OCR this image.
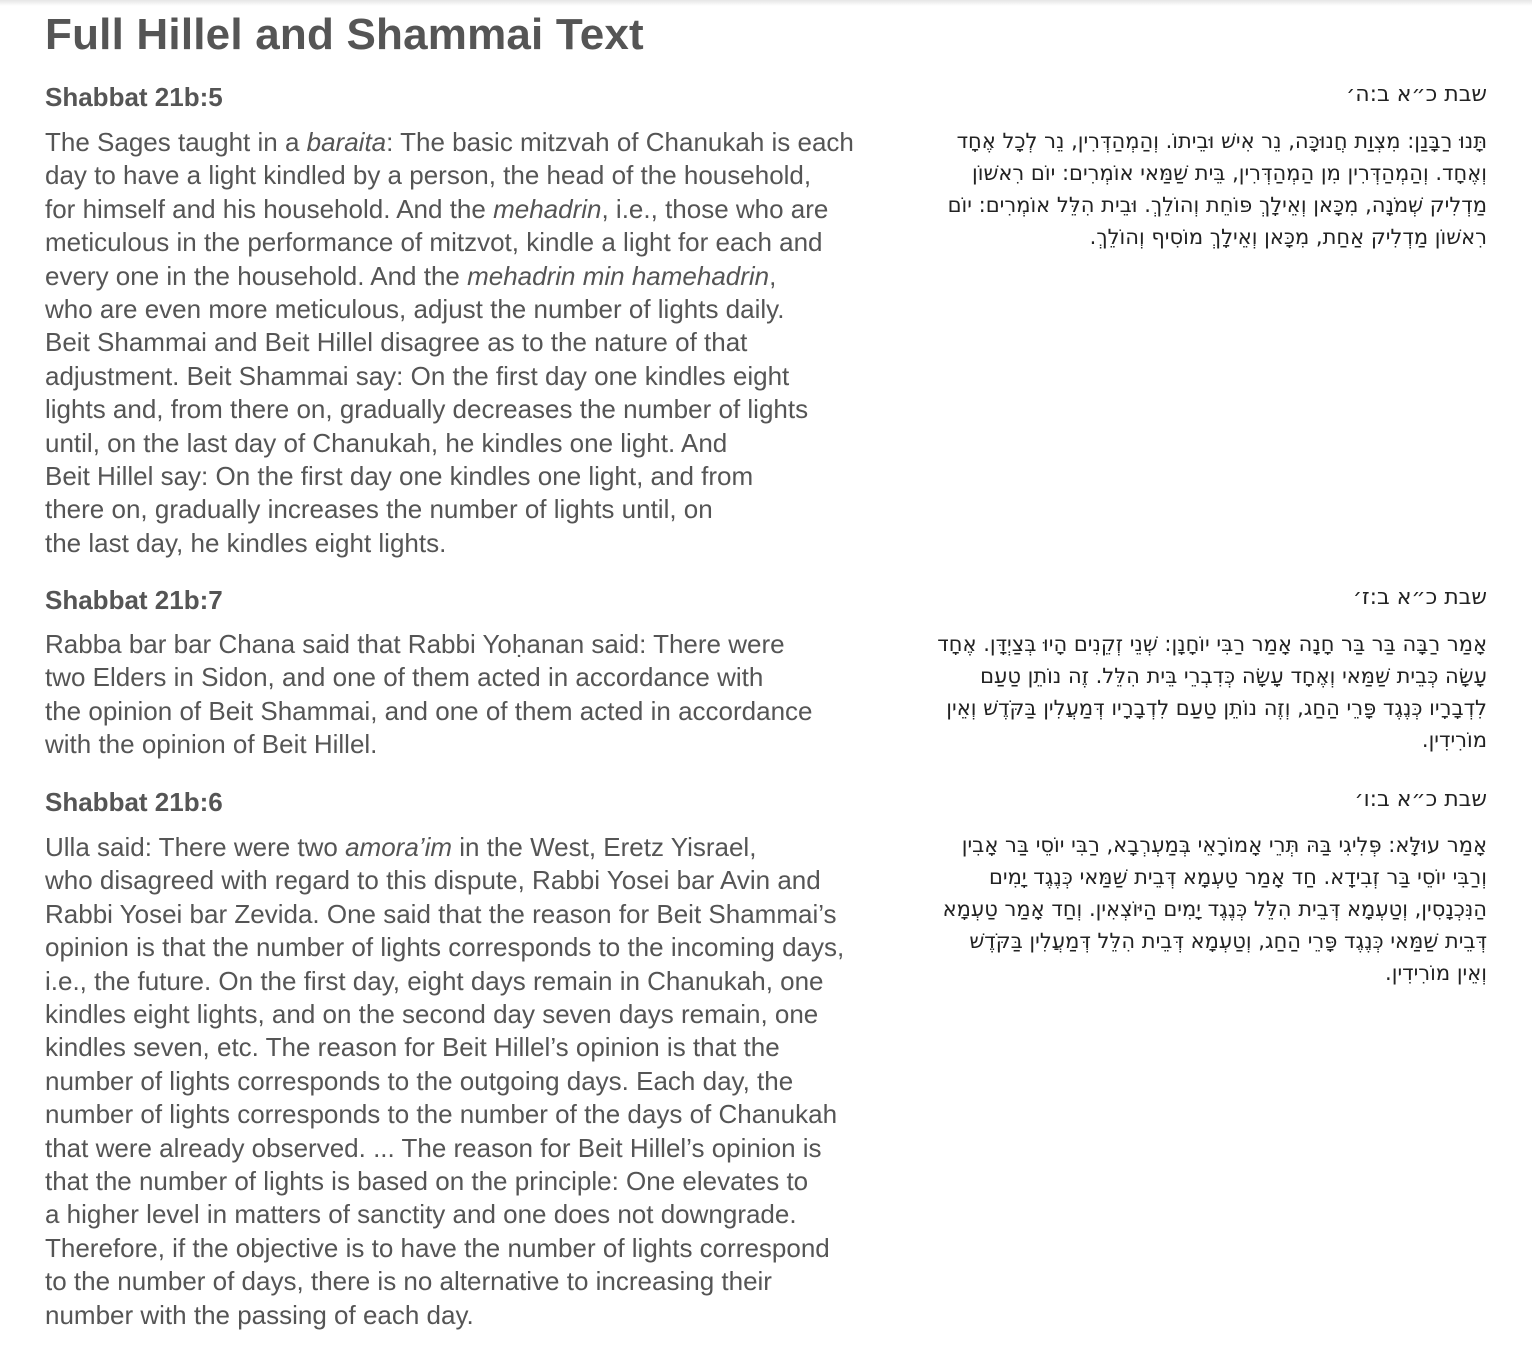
Full Hillel and Shammai Text
Shabbat 21b:5	שבת כ״א ב:ה׳

The Sages taught in a baraita: The basic mitzvah of Chanukah is each
day to have a light kindled by a person, the head of the household,
for himself and his household. And the mehadrin, i.e., those who are
meticulous in the performance of mitzvot, kindle a light for each and
every one in the household. And the mehadrin min hamehadrin,
who are even more meticulous, adjust the number of lights daily.
Beit Shammai and Beit Hillel disagree as to the nature of that
adjustment. Beit Shammai say: On the first day one kindles eight
lights and, from there on, gradually decreases the number of lights
until, on the last day of Chanukah, he kindles one light. And
Beit Hillel say: On the first day one kindles one light, and from
there on, gradually increases the number of lights until, on
the last day, he kindles eight lights.

תָּנוּ רַבָּנַן: מִצְוַת חֲנוּכָּה, נֵר אִישׁ וּבֵיתוֹ. וְהַמְהַדְּרִין, נֵר לְכָל אֶחָד
וְאֶחָד. וְהַמְהַדְּרִין מִן הַמְהַדְּרִין, בֵּית שַׁמַּאי אוֹמְרִים: יוֹם רִאשׁוֹן
מַדְלִיק שְׁמֹנָה, מִכָּאן וְאֵילָךְ פּוֹחֵת וְהוֹלֵךְ. וּבֵית הִלֵּל אוֹמְרִים: יוֹם
רִאשׁוֹן מַדְלִיק אַחַת, מִכָּאן וְאֵילָךְ מוֹסִיף וְהוֹלֵךְ.

Shabbat 21b:7	שבת כ״א ב:ז׳

Rabba bar bar Chana said that Rabbi Yoḥanan said: There were
two Elders in Sidon, and one of them acted in accordance with
the opinion of Beit Shammai, and one of them acted in accordance
with the opinion of Beit Hillel.

אָמַר רַבָּה בַּר בַּר חָנָה אָמַר רַבִּי יוֹחָנָן: שְׁנֵי זְקֵנִים הָיוּ בְּצַיְדָּן. אֶחָד
עָשָׂה כְּבֵית שַׁמַּאי וְאֶחָד עָשָׂה כְּדִבְרֵי בֵּית הִלֵּל. זֶה נוֹתֵן טַעַם
לִדְבָרָיו כְּנֶגֶד פָּרֵי הַחַג, וְזֶה נוֹתֵן טַעַם לִדְבָרָיו דְּמַעֲלִין בַּקֹּדֶשׁ וְאֵין
מוֹרִידִין.

Shabbat 21b:6	שבת כ״א ב:ו׳

Ulla said: There were two amora’im in the West, Eretz Yisrael,
who disagreed with regard to this dispute, Rabbi Yosei bar Avin and
Rabbi Yosei bar Zevida. One said that the reason for Beit Shammai’s
opinion is that the number of lights corresponds to the incoming days,
i.e., the future. On the first day, eight days remain in Chanukah, one
kindles eight lights, and on the second day seven days remain, one
kindles seven, etc. The reason for Beit Hillel’s opinion is that the
number of lights corresponds to the outgoing days. Each day, the
number of lights corresponds to the number of the days of Chanukah
that were already observed. ... The reason for Beit Hillel’s opinion is
that the number of lights is based on the principle: One elevates to
a higher level in matters of sanctity and one does not downgrade.
Therefore, if the objective is to have the number of lights correspond
to the number of days, there is no alternative to increasing their
number with the passing of each day.

אָמַר עוּלָּא: פְּלִיגִי בַּהּ תְּרֵי אָמוֹרָאֵי בְּמַעְרְבָא, רַבִּי יוֹסֵי בַּר אָבִין
וְרַבִּי יוֹסֵי בַּר זְבִידָא. חַד אָמַר טַעְמָא דְּבֵית שַׁמַּאי כְּנֶגֶד יָמִים
הַנִּכְנָסִין, וְטַעְמָא דְּבֵית הִלֵּל כְּנֶגֶד יָמִים הַיּוֹצְאִין. וְחַד אָמַר טַעְמָא
דְּבֵית שַׁמַּאי כְּנֶגֶד פָּרֵי הַחַג, וְטַעְמָא דְּבֵית הִלֵּל דְּמַעֲלִין בַּקֹּדֶשׁ
וְאֵין מוֹרִידִין.
